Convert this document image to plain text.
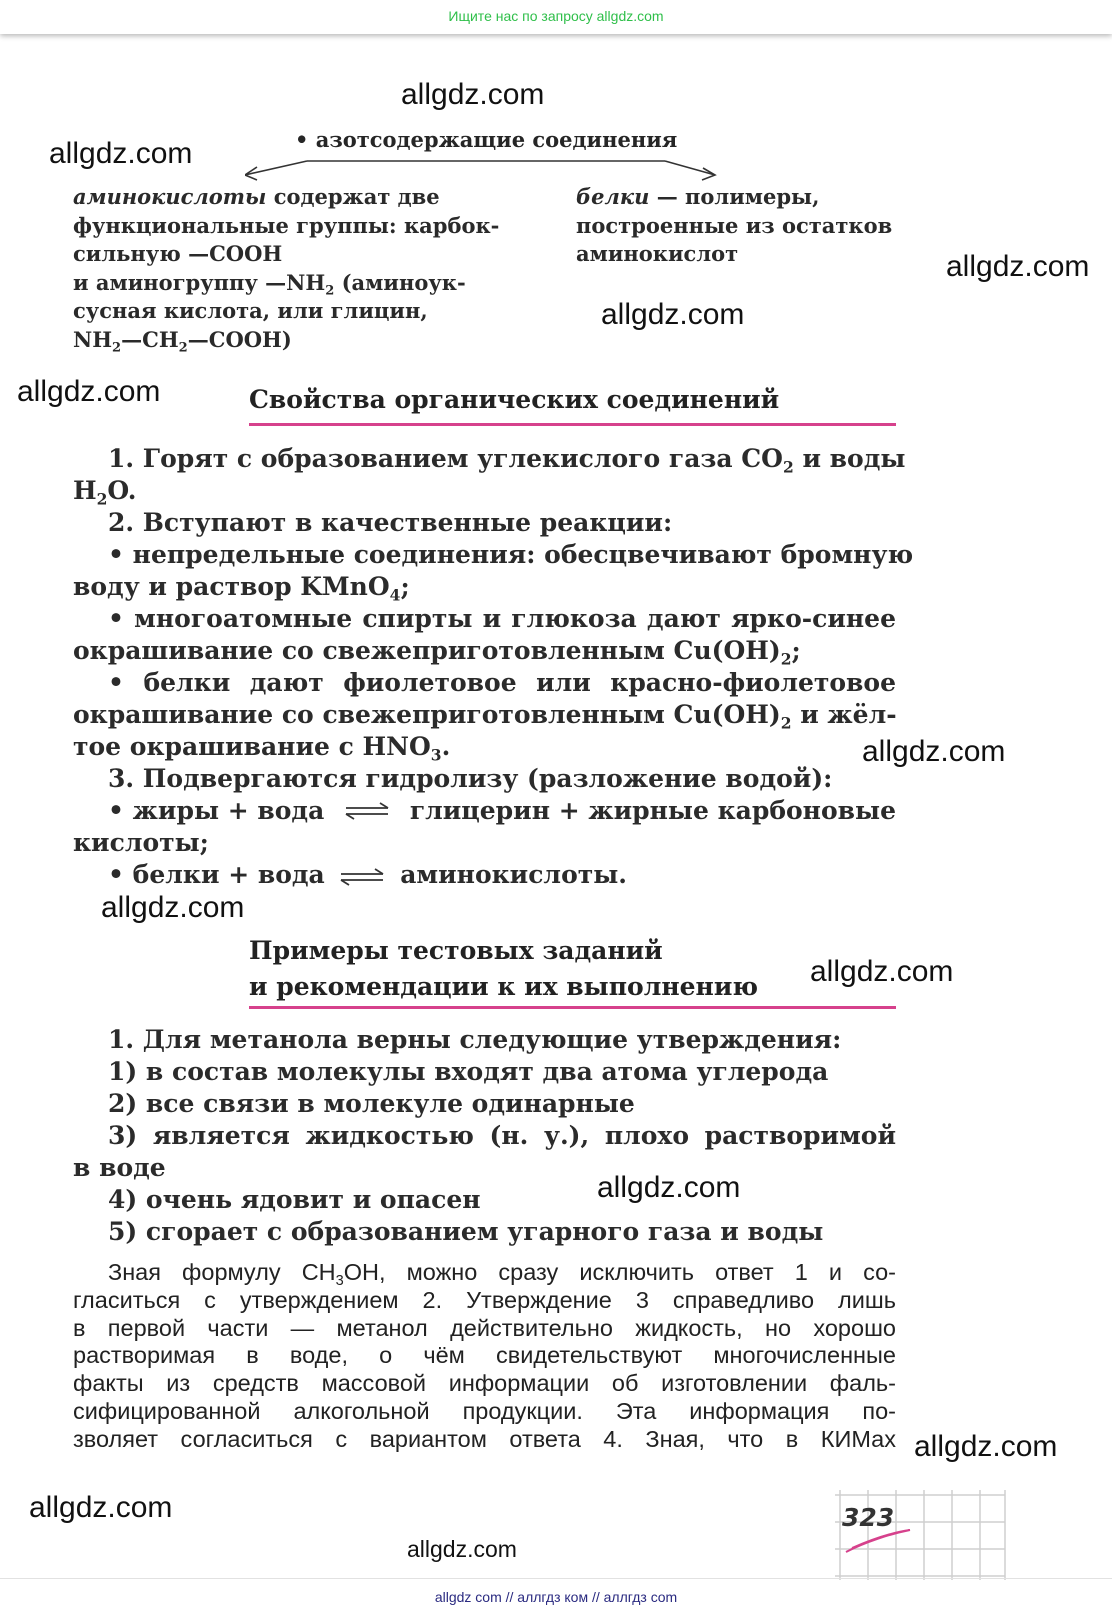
Ищите нас по запросу allgdz.com
allgdz.com
allgdz.com
allgdz.com
allgdz.com
allgdz.com
allgdz.com
allgdz.com
allgdz.com
allgdz.com
allgdz.com
allgdz.com
allgdz.com
• азотсодержащие соединения
аминокислоты содержат две
функциональные группы: карбок-
сильную —COOH
и аминогруппу $—NH_2$ (аминоук-
сусная кислота, или глицин,
$NH_2—CH_2—COOH$)
белки — полимеры,
построенные из остатков
аминокислот
Свойства органических соединений
1. Горят с образованием углекислого газа $CO_2$ и воды
$H_2O$.
2. Вступают в качественные реакции:
• непредельные соединения: обесцвечивают бромную
воду и раствор KMnO$_4$;
• многоатомные спирты и глюкоза дают ярко-синее
окрашивание со свежеприготовленным $Cu(OH)_2$;
• белки дают фиолетовое или красно-фиолетовое
окрашивание со свежеприготовленным $Cu(OH)_2$ и жёл-
тое окрашивание с $HNO_3$.
3. Подвергаются гидролизу (разложение водой):
• жиры + вода ⇌ глицерин + жирные карбоновые
кислоты;
• белки + вода ⇌ аминокислоты.
Примеры тестовых заданий
и рекомендации к их выполнению
1. Для метанола верны следующие утверждения:
1) в состав молекулы входят два атома углерода
2) все связи в молекуле одинарные
3) является жидкостью (н. у.), плохо растворимой
в воде
4) очень ядовит и опасен
5) сгорает с образованием угарного газа и воды
Зная формулу $CH_3OH$, можно сразу исключить ответ 1 и со-
гласиться с утверждением 2. Утверждение 3 справедливо лишь
в первой части — метанол действительно жидкость, но хорошо
растворимая в воде, о чём свидетельствуют многочисленные
факты из средств массовой информации об изготовлении фаль-
сифицированной алкогольной продукции. Эта информация по-
зволяет согласиться с вариантом ответа 4. Зная, что в КИМах
323
allgdz com // аллгдз ком // аллгдз com
